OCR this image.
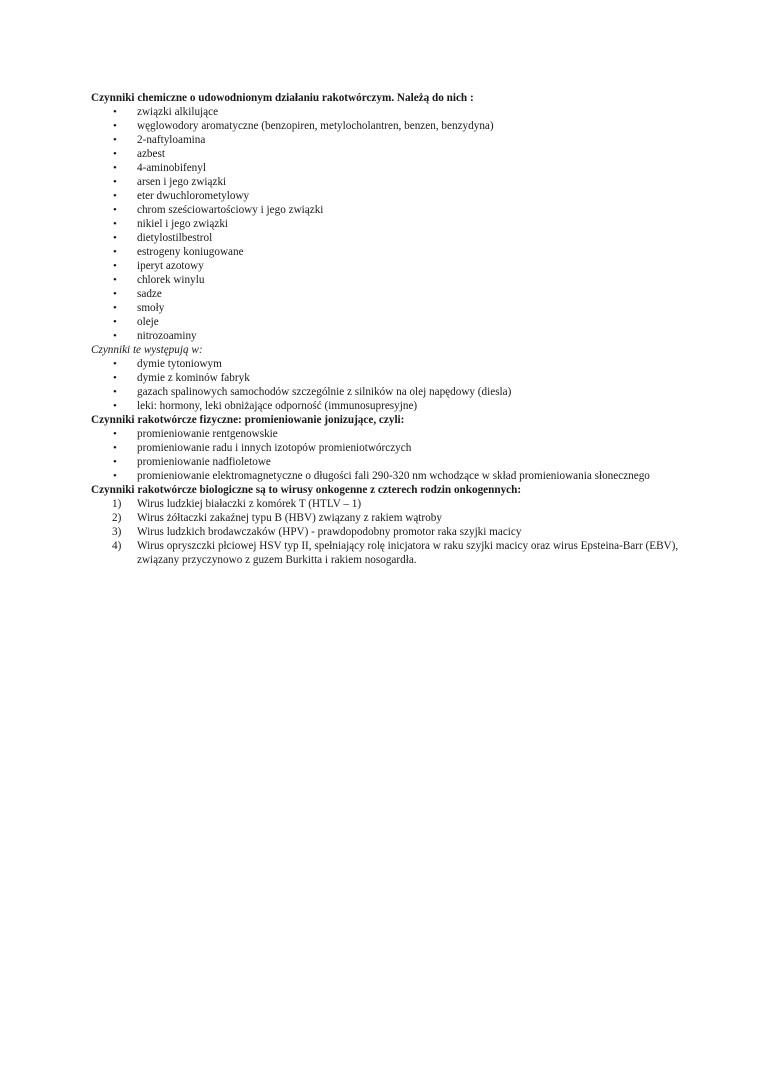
Czynniki chemiczne o udowodnionym działaniu rakotwórczym. Należą do nich :
• związki alkilujące
• węglowodory aromatyczne (benzopiren, metylocholantren, benzen, benzydyna)
• 2-naftyloamina
• azbest
• 4-aminobifenyl
• arsen i jego związki
• eter dwuchlorometylowy
• chrom sześciowartościowy i jego związki
• nikiel i jego związki
• dietylostilbestrol
• estrogeny koniugowane
• iperyt azotowy
• chlorek winylu
• sadze
• smoły
• oleje
• nitrozoaminy
Czynniki te występują w:
• dymie tytoniowym
• dymie z kominów fabryk
• gazach spalinowych samochodów szczególnie z silników na olej napędowy (diesla)
• leki: hormony, leki obniżające odporność (immunosupresyjne)
Czynniki rakotwórcze fizyczne: promieniowanie jonizujące, czyli:
• promieniowanie rentgenowskie
• promieniowanie radu i innych izotopów promieniotwórczych
• promieniowanie nadfioletowe
• promieniowanie elektromagnetyczne o długości fali 290-320 nm wchodzące w skład promieniowania słonecznego
Czynniki rakotwórcze biologiczne są to wirusy onkogenne z czterech rodzin onkogennych:
1) Wirus ludzkiej białaczki z komórek T (HTLV – 1)
2) Wirus żółtaczki zakaźnej typu B (HBV) związany z rakiem wątroby
3) Wirus ludzkich brodawczaków (HPV) - prawdopodobny promotor raka szyjki macicy
4) Wirus opryszczki płciowej HSV typ II, spełniający rolę inicjatora w raku szyjki macicy oraz wirus Epsteina-Barr (EBV), związany przyczynowo z guzem Burkitta i rakiem nosogardła.
